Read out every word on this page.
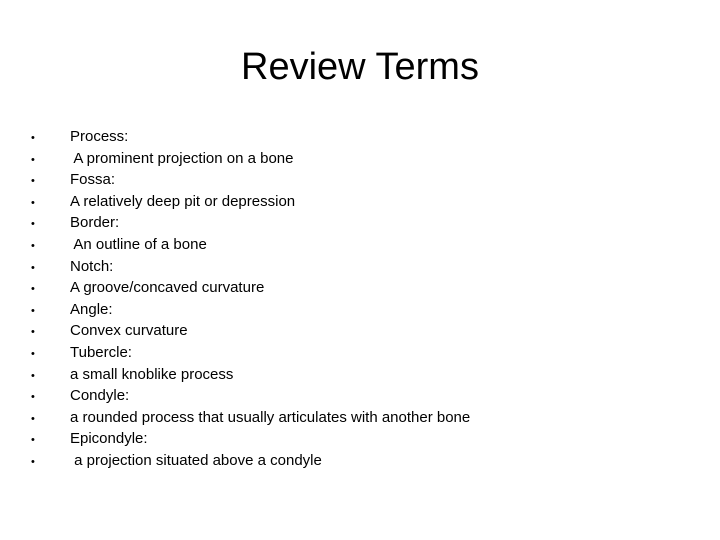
Review Terms
•	Process:
•	A prominent projection on a bone
•	Fossa:
•	A relatively deep pit or depression
•	Border:
•	An outline of a bone
•	Notch:
•	A groove/concaved curvature
•	Angle:
•	Convex curvature
•	Tubercle:
•	a small knoblike process
•	Condyle:
•	a rounded process that usually articulates with another bone
•	Epicondyle:
•	a projection situated above a condyle
